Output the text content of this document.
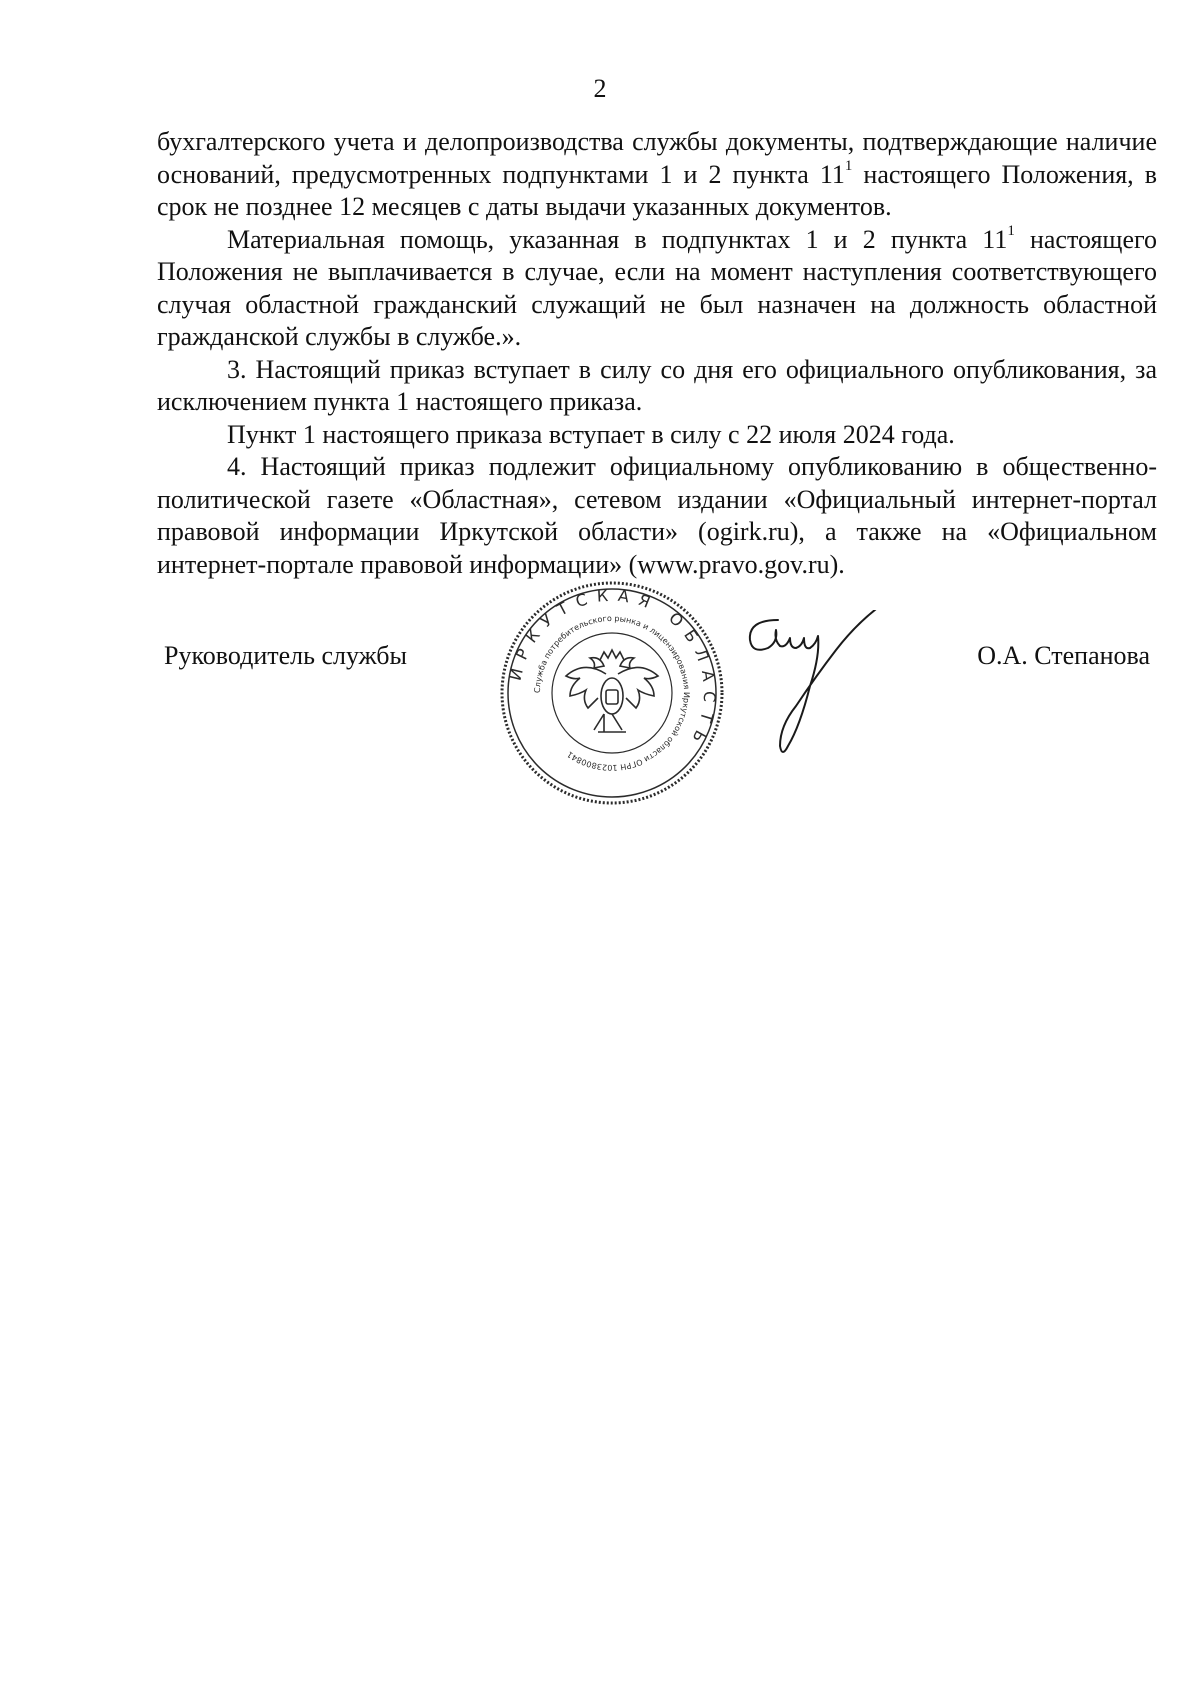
2

бухгалтерского учета и делопроизводства службы документы, подтверждающие наличие оснований, предусмотренных подпунктами 1 и 2 пункта $11^1$ настоящего Положения, в срок не позднее 12 месяцев с даты выдачи указанных документов.

Материальная помощь, указанная в подпунктах 1 и 2 пункта $11^1$ настоящего Положения не выплачивается в случае, если на момент наступления соответствующего случая областной гражданский служащий не был назначен на должность областной гражданской службы в службе.».

3. Настоящий приказ вступает в силу со дня его официального опубликования, за исключением пункта 1 настоящего приказа.

Пункт 1 настоящего приказа вступает в силу с 22 июля 2024 года.

4. Настоящий приказ подлежит официальному опубликованию в общественно-политической газете «Областная», сетевом издании «Официальный интернет-портал правовой информации Иркутской области» (ogirk.ru), а также на «Официальном интернет-портале правовой информации» (www.pravo.gov.ru).

Руководитель службы	О.А. Степанова
ИРКУТСКАЯ ОБЛАСТЬ
Служба потребительского рынка и лицензирования Иркутской области ОГРН 1023800841
